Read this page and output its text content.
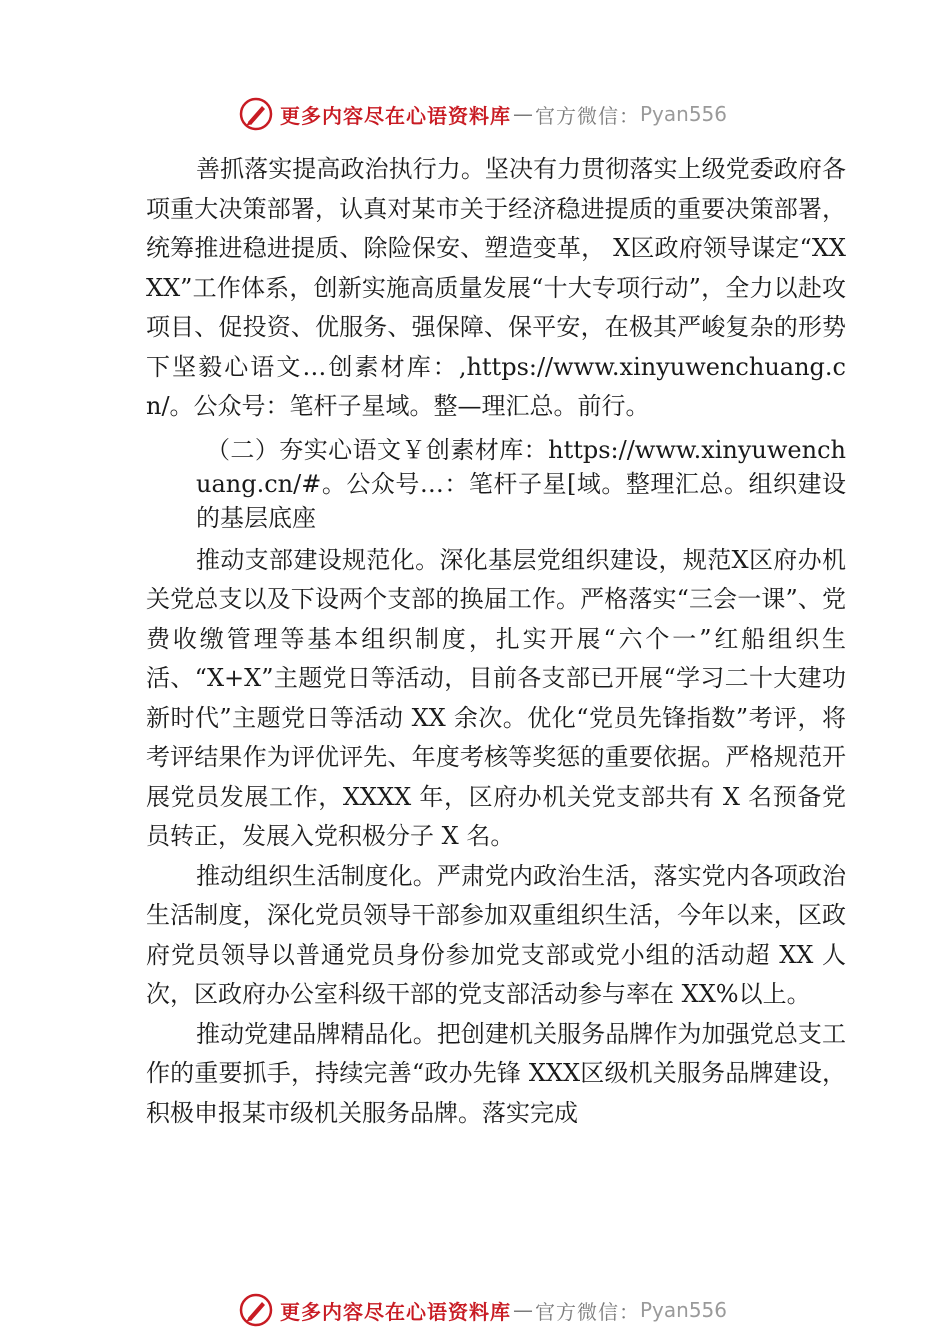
更多内容尽在心语资料库 — 官方微信： Pyan556

善抓落实提高政治执行力。坚决有力贯彻落实上级党委政府各项重大决策部署，认真对某市关于经济稳进提质的重要决策部署，统筹推进稳进提质、除险保安、塑造变革， X区政府领导谋定“XXXX”工作体系，创新实施高质量发展“十大专项行动”，全力以赴攻项目、促投资、优服务、强保障、保平安，在极其严峻复杂的形势下坚毅心语文…创素材库：,https://www.xinyuwenchuang.cn/。公众号：笔杆子星域。整—理汇总。前行。

（二）夯实心语文￥创素材库：https://www.xinyuwenchuang.cn/#。公众号…：笔杆子星[域。整理汇总。组织建设的基层底座

推动支部建设规范化。深化基层党组织建设，规范X区府办机关党总支以及下设两个支部的换届工作。严格落实“三会一课”、党费收缴管理等基本组织制度，扎实开展“六个一”红船组织生活、“X+X”主题党日等活动，目前各支部已开展“学习二十大建功新时代”主题党日等活动 XX 余次。优化“党员先锋指数”考评，将考评结果作为评优评先、年度考核等奖惩的重要依据。严格规范开展党员发展工作，XXXX 年，区府办机关党支部共有 X 名预备党员转正，发展入党积极分子 X 名。

推动组织生活制度化。严肃党内政治生活，落实党内各项政治生活制度，深化党员领导干部参加双重组织生活，今年以来，区政府党员领导以普通党员身份参加党支部或党小组的活动超 XX 人次，区政府办公室科级干部的党支部活动参与率在 XX%以上。

推动党建品牌精品化。把创建机关服务品牌作为加强党总支工作的重要抓手，持续完善“政办先锋 XXX区级机关服务品牌建设，积极申报某市级机关服务品牌。落实完成

更多内容尽在心语资料库 — 官方微信： Pyan556
